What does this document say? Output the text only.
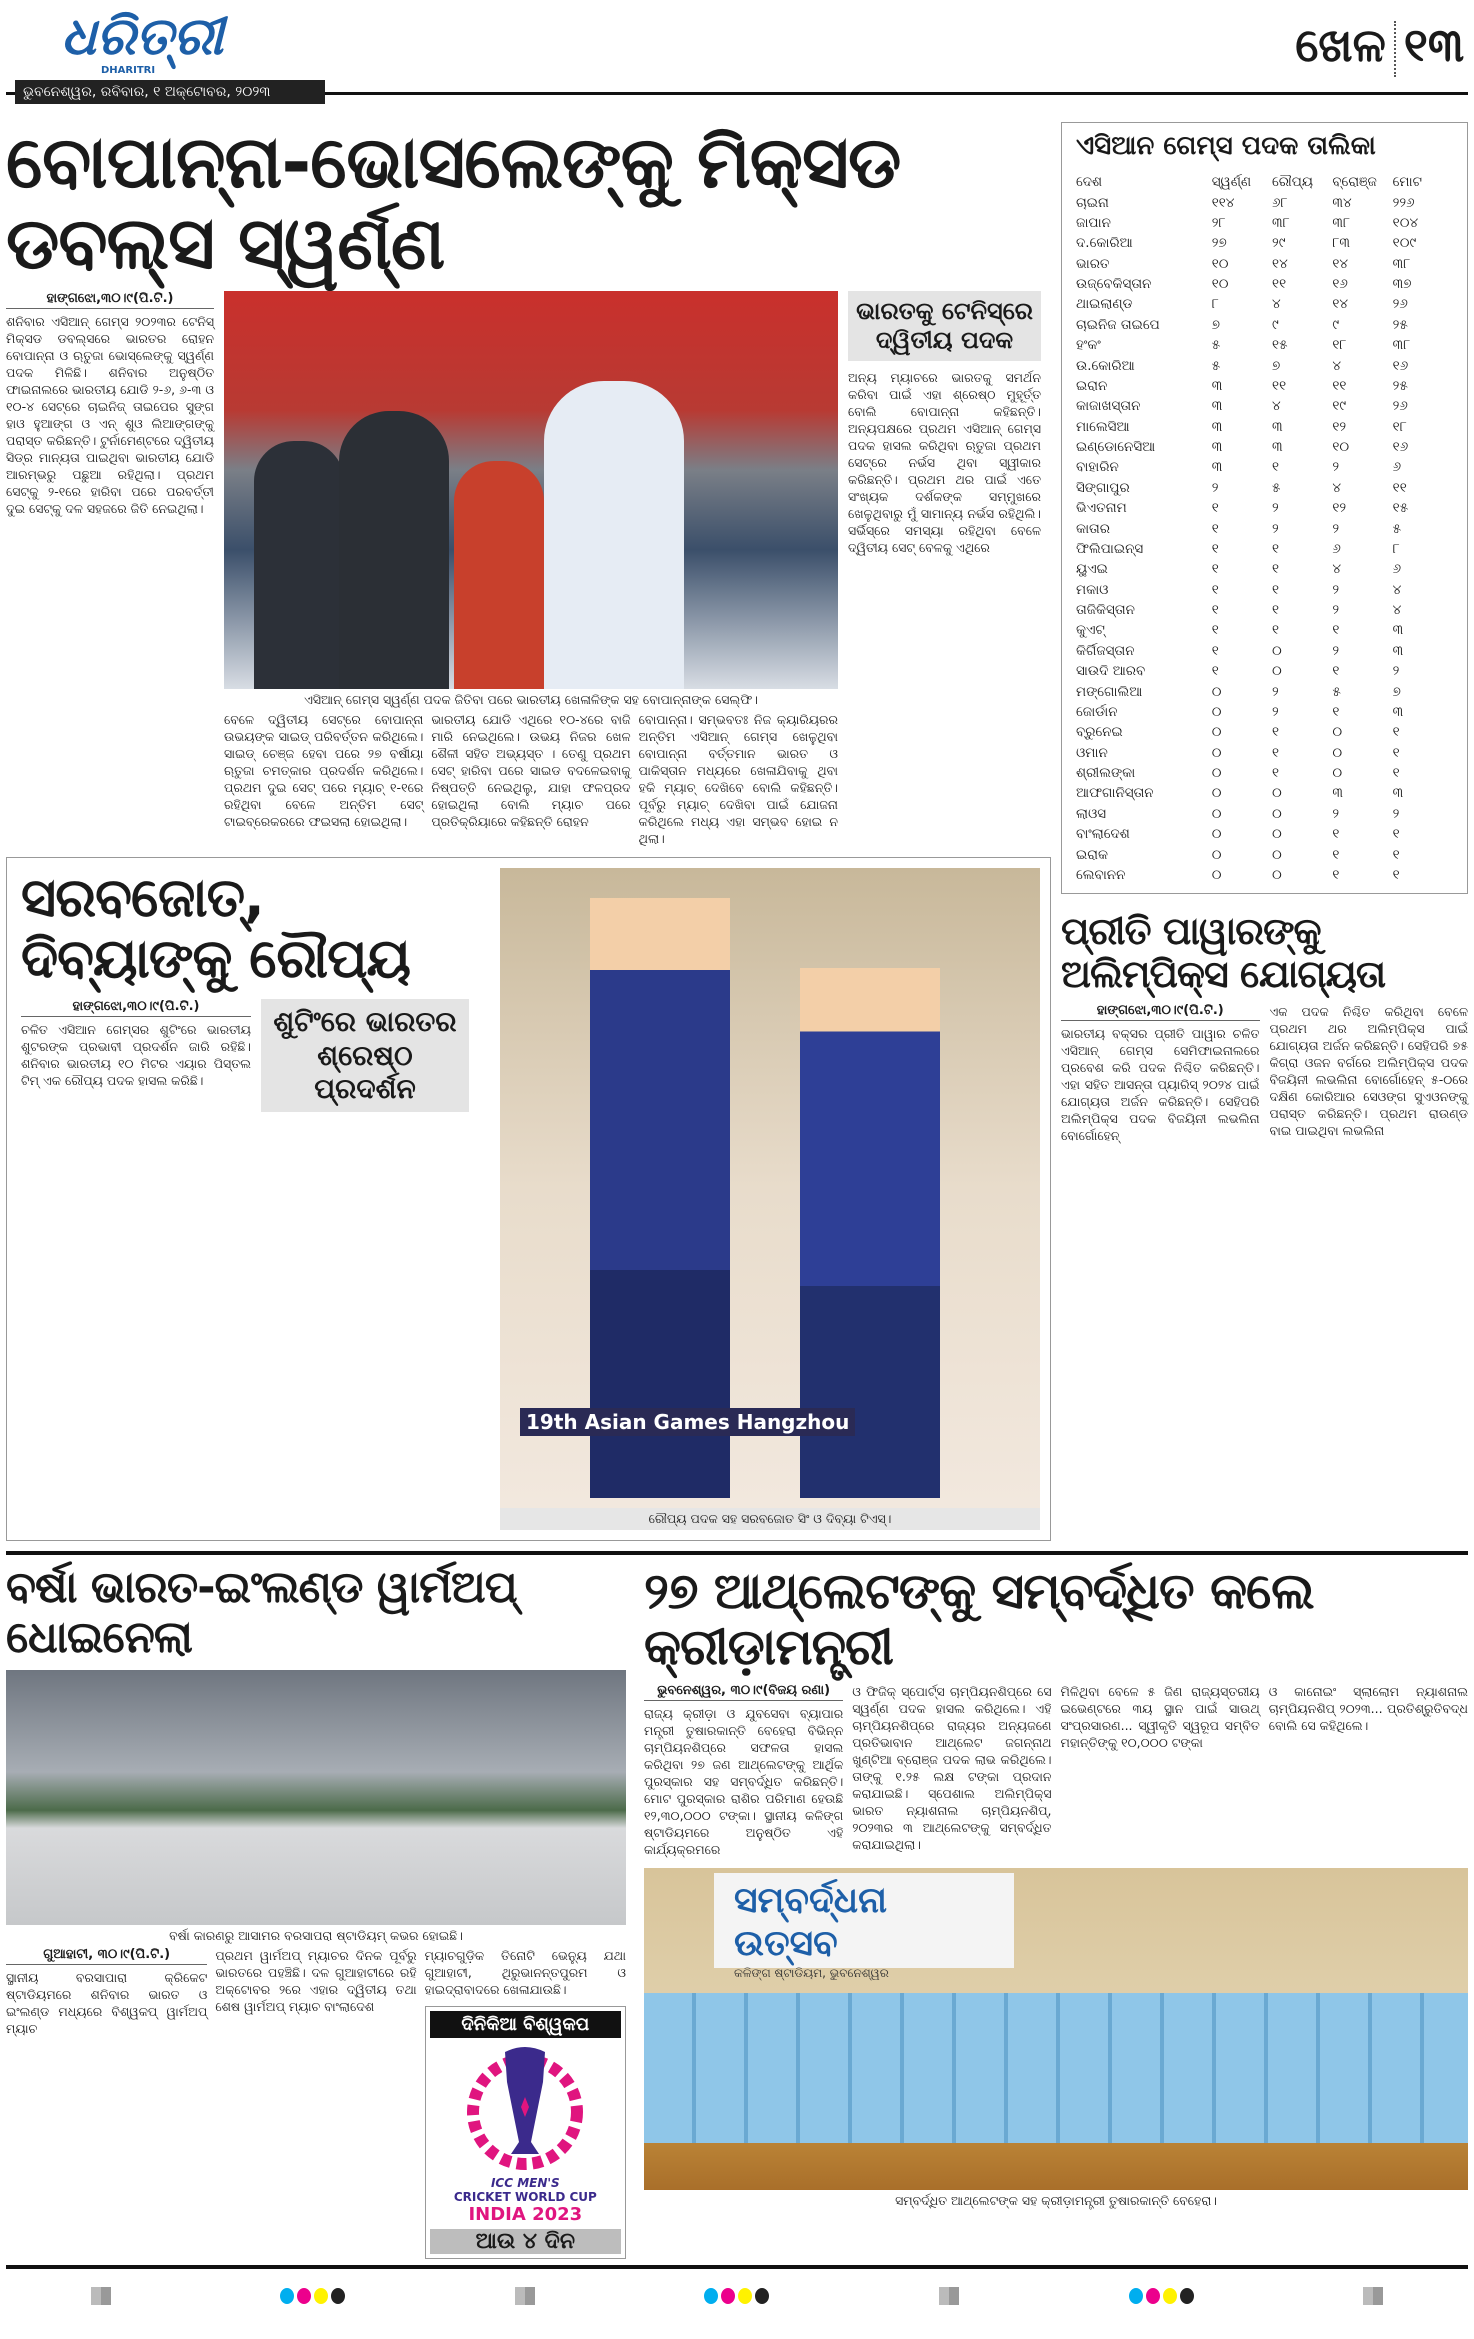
ଧରିତ୍ରୀ
DHARITRI
ଭୁବନେଶ୍ୱର, ରବିବାର, ୧ ଅକ୍ଟୋବର, ୨୦୨୩
ଖେଳ ୧୩
ବୋପାନ୍ନା-ଭୋସଲେଙ୍କୁ ମିକ୍ସଡ ଡବଲ୍ସ ସ୍ୱର୍ଣ୍ଣ
ହାଙ୍ଗଝୋ,୩୦।୯(ପି.ଟି.)
ଶନିବାର ଏସିଆନ୍ ଗେମ୍ସ ୨୦୨୩ର ଟେନିସ୍ ମିକ୍ସଡ ଡବଲ୍ସରେ ଭାରତର ରୋହନ ବୋପାନ୍ନା ଓ ଋତୁଜା ଭୋସ୍‌ଲେଙ୍କୁ ସ୍ୱର୍ଣ୍ଣ ପଦକ ମିଳିଛି। ଶନିବାର ଅନୁଷ୍ଠିତ ଫାଇନାଲରେ ଭାରତୀୟ ଯୋଡି ୨-୬, ୬-୩ ଓ ୧୦-୪ ସେଟ୍‌ରେ ଚାଇନିଜ୍ ତାଇପେର ସୁଙ୍ଗ ହାଓ ହୁଆଙ୍ଗ ଓ ଏନ୍ ଶୁଓ ଲିଆଙ୍ଗଙ୍କୁ ପରାସ୍ତ କରିଛନ୍ତି। ଟୁର୍ନାମେଣ୍ଟରେ ଦ୍ୱିତୀୟ ସିଡ୍ର ମାନ୍ୟତା ପାଇଥିବା ଭାରତୀୟ ଯୋଡି ଆରମ୍ଭରୁ ପଛୁଆ ରହିଥିଲା। ପ୍ରଥମ ସେଟ୍‌କୁ ୨-୧ରେ ହାରିବା ପରେ ପରବର୍ତ୍ତୀ ଦୁଇ ସେଟ୍‌କୁ ଦଳ ସହଜରେ ଜିତି ନେଇଥିଲା।
ଏସିଆନ୍ ଗେମ୍ସ ସ୍ୱର୍ଣ୍ଣ ପଦକ ଜିତିବା ପରେ ଭାରତୀୟ ଖେଳାଳିଙ୍କ ସହ ବୋପାନ୍ନାଙ୍କ ସେଲ୍ଫି।
ବେଳେ ଦ୍ୱିତୀୟ ସେଟ୍‌ରେ ବୋପାନ୍ନା ଉଭୟଙ୍କ ସାଇଡ୍ ପରିବର୍ତ୍ତନ କରିଥିଲେ। ସାଇଡ୍ ଚେଞ୍ଜ ହେବା ପରେ ୨୭ ବର୍ଷୀୟା ଋତୁଜା ଚମତ୍କାର ପ୍ରଦର୍ଶନ କରିଥିଲେ। ପ୍ରଥମ ଦୁଇ ସେଟ୍ ପରେ ମ୍ୟାଚ୍ ୧-୧ରେ ରହିଥିବା ବେଳେ ଅନ୍ତିମ ସେଟ୍ ଟାଇବ୍ରେକରରେ ଫଇସଲା ହୋଇଥିଲା।
ଭାରତୀୟ ଯୋଡି ଏଥିରେ ୧୦-୪ରେ ବାଜି ମାରି ନେଇଥିଲେ। ଉଭୟ ନିଜର ଖେଳ ଶୈଳୀ ସହିତ ଅଭ୍ୟସ୍ତ । ତେଣୁ ପ୍ରଥମ ସେଟ୍ ହାରିବା ପରେ ସାଇଡ ବଦଳେଇବାକୁ ନିଷ୍ପତ୍ତି ନେଇଥିଲୁ, ଯାହା ଫଳପ୍ରଦ ହୋଇଥିଲା ବୋଲି ମ୍ୟାଚ ପରେ ପ୍ରତିକ୍ରିୟାରେ କହିଛନ୍ତି ରୋହନ
ବୋପାନ୍ନା। ସମ୍ଭବତଃ ନିଜ କ୍ୟାରିୟରର ଅନ୍ତିମ ଏସିଆନ୍ ଗେମ୍ସ ଖେଳୁଥିବା ବୋପାନ୍ନା ବର୍ତ୍ତମାନ ଭାରତ ଓ ପାକିସ୍ତାନ ମଧ୍ୟରେ ଖେଳାଯିବାକୁ ଥିବା ହକି ମ୍ୟାଚ୍ ଦେଖିବେ ବୋଲି କହିଛନ୍ତି। ପୂର୍ବରୁ ମ୍ୟାଚ୍ ଦେଖିବା ପାଇଁ ଯୋଜନା କରିଥିଲେ ମଧ୍ୟ ଏହା ସମ୍ଭବ ହୋଇ ନ ଥିଲା।
ଭାରତକୁ ଟେନିସ୍‌ରେ ଦ୍ୱିତୀୟ ପଦକ
ଅନ୍ୟ ମ୍ୟାଚରେ ଭାରତକୁ ସମର୍ଥନ କରିବା ପାଇଁ ଏହା ଶ୍ରେଷ୍ଠ ମୁହୂର୍ତ୍ତ ବୋଲି ବୋପାନ୍ନା କହିଛନ୍ତି। ଅନ୍ୟପକ୍ଷରେ ପ୍ରଥମ ଏସିଆନ୍ ଗେମ୍ସ ପଦକ ହାସଲ କରିଥିବା ଋତୁଜା ପ୍ରଥମ ସେଟ୍‌ରେ ନର୍ଭସ ଥିବା ସ୍ୱୀକାର କରିଛନ୍ତି। ପ୍ରଥମ ଥର ପାଇଁ ଏତେ ସଂଖ୍ୟକ ଦର୍ଶକଙ୍କ ସମ୍ମୁଖରେ ଖେଳୁଥିବାରୁ ମୁଁ ସାମାନ୍ୟ ନର୍ଭସ ରହିଥିଲି। ସର୍ଭିସ୍‌ରେ ସମସ୍ୟା ରହିଥିବା ବେଳେ ଦ୍ୱିତୀୟ ସେଟ୍ ବେଳକୁ ଏଥିରେ
ସରବଜୋତ୍, ଦିବ୍ୟାଙ୍କୁ ରୌପ୍ୟ
ହାଙ୍ଗଝୋ,୩୦।୯(ପି.ଟି.)
ଚଳିତ ଏସିଆନ ଗେମ୍ସର ଶୁଟିଂରେ ଭାରତୀୟ ଶୁଟରଙ୍କ ପ୍ରଭାବୀ ପ୍ରଦର୍ଶନ ଜାରି ରହିଛି। ଶନିବାର ଭାରତୀୟ ୧୦ ମିଟର ଏୟାର ପିସ୍ତଲ ଟିମ୍ ଏକ ରୌପ୍ୟ ପଦକ ହାସଲ କରିଛି।
ଶୁଟିଂରେ ଭାରତର ଶ୍ରେଷ୍ଠ ପ୍ରଦର୍ଶନ
19th Asian Games Hangzhou
ରୌପ୍ୟ ପଦକ ସହ ସରବଜୋତ ସିଂ ଓ ଦିବ୍ୟା ଟିଏସ୍।
ଏସିଆନ ଗେମ୍ସ ପଦକ ତାଲିକା
ଦେଶ	ସ୍ୱର୍ଣ୍ଣ	ରୌପ୍ୟ	ବ୍ରୋଞ୍ଜ	ମୋଟ
ଚାଇନା	୧୧୪	୬୮	୩୪	୨୨୬
ଜାପାନ	୨୮	୩୮	୩୮	୧୦୪
ଦ.କୋରିଆ	୨୭	୨୯	୮୩	୧୦୯
ଭାରତ	୧୦	୧୪	୧୪	୩୮
ଉଜ୍‌ବେକିସ୍ତାନ	୧୦	୧୧	୧୬	୩୭
ଥାଇଲାଣ୍ଡ	୮	୪	୧୪	୨୬
ଚାଇନିଜ ତାଇପେ	୭	୯	୯	୨୫
ହଂକଂ	୫	୧୫	୧୮	୩୮
ଉ.କୋରିଆ	୫	୭	୪	୧୬
ଇରାନ	୩	୧୧	୧୧	୨୫
କାଜାଖସ୍ତାନ	୩	୪	୧୯	୨୬
ମାଲେସିଆ	୩	୩	୧୨	୧୮
ଇଣ୍ଡୋନେସିଆ	୩	୩	୧୦	୧୬
ବାହାରିନ	୩	୧	୨	୬
ସିଙ୍ଗାପୁର	୨	୫	୪	୧୧
ଭିଏତନାମ	୧	୨	୧୨	୧୫
କାତାର	୧	୨	୨	୫
ଫିଲିପାଇନ୍ସ	୧	୧	୬	୮
ୟୁଏଇ	୧	୧	୪	୬
ମକାଓ	୧	୧	୨	୪
ତାଜିକିସ୍ତାନ	୧	୧	୨	୪
କୁଏଟ୍	୧	୧	୧	୩
କିର୍ଗିଜସ୍ତାନ	୧	୦	୨	୩
ସାଉଦି ଆରବ	୧	୦	୧	୨
ମଙ୍ଗୋଲିଆ	୦	୨	୫	୭
ଜୋର୍ଡାନ	୦	୨	୧	୩
ବ୍ରୁନେଇ	୦	୧	୦	୧
ଓମାନ	୦	୧	୦	୧
ଶ୍ରୀଲଙ୍କା	୦	୧	୦	୧
ଆଫଗାନିସ୍ତାନ	୦	୦	୩	୩
ଲାଓସ	୦	୦	୨	୨
ବାଂଲାଦେଶ	୦	୦	୧	୧
ଇରାକ	୦	୦	୧	୧
ଲେବାନନ	୦	୦	୧	୧
ପ୍ରୀତି ପାୱାରଙ୍କୁ ଅଲିମ୍ପିକ୍ସ ଯୋଗ୍ୟତା
ହାଙ୍ଗଝୋ,୩୦।୯(ପି.ଟି.)
ଭାରତୀୟ ବକ୍ସର ପ୍ରୀତି ପାୱାର ଚଳିତ ଏସିଆନ୍ ଗେମ୍ସ ସେମିଫାଇନାଲରେ ପ୍ରବେଶ କରି ପଦକ ନିଶ୍ଚିତ କରିଛନ୍ତି। ଏହା ସହିତ ଆସନ୍ତା ପ୍ୟାରିସ୍ ୨୦୨୪ ପାଇଁ ଯୋଗ୍ୟତା ଅର୍ଜନ କରିଛନ୍ତି। ସେହିପରି ଅଲିମ୍ପିକ୍ସ ପଦକ ବିଜୟିନୀ ଲଭଲିନା ବୋର୍ଗୋହେନ୍
ଏକ ପଦକ ନିଶ୍ଚିତ କରିଥିବା ବେଳେ ପ୍ରଥମ ଥର ଅଲିମ୍ପିକ୍ସ ପାଇଁ ଯୋଗ୍ୟତା ଅର୍ଜନ କରିଛନ୍ତି। ସେହିପରି ୭୫ କିଗ୍ରା ଓଜନ ବର୍ଗରେ ଅଲିମ୍ପିକ୍ସ ପଦକ ବିଜୟିନୀ ଲଭଲିନା ବୋର୍ଗୋହେନ୍ ୫-୦ରେ ଦକ୍ଷିଣ କୋରିଆର ସେଓଙ୍ଗ ସୁଏଓନଙ୍କୁ ପରାସ୍ତ କରିଛନ୍ତି। ପ୍ରଥମ ରାଉଣ୍ଡ ବାଇ ପାଇଥିବା ଲଭଲିନା
ବର୍ଷା ଭାରତ-ଇଂଲଣ୍ଡ ୱାର୍ମଅପ୍ ଧୋଇନେଲା
ବର୍ଷା କାରଣରୁ ଆସାମର ବରସାପରା ଷ୍ଟାଡିୟମ୍ କଭର ହୋଇଛି।
ଗୁଆହାଟୀ, ୩୦।୯(ପି.ଟି.)
ସ୍ଥାନୀୟ ବରସାପାରା କ୍ରିକେଟ ଷ୍ଟାଡିୟମରେ ଶନିବାର ଭାରତ ଓ ଇଂଲଣ୍ଡ ମଧ୍ୟରେ ବିଶ୍ୱକପ୍ ୱାର୍ମଅପ୍ ମ୍ୟାଚ
ପ୍ରଥମ ୱାର୍ମଅପ୍ ମ୍ୟାଚର ଦିନକ ପୂର୍ବରୁ ଭାରତରେ ପହଞ୍ଚିଛି। ଦଳ ଗୁଆହାଟୀରେ ରହି ଅକ୍ଟୋବର ୨ରେ ଏହାର ଦ୍ୱିତୀୟ ତଥା ଶେଷ ୱାର୍ମଅପ୍ ମ୍ୟାଚ ବାଂଲାଦେଶ
ମ୍ୟାଚଗୁଡ଼ିକ ତିନୋଟି ଭେନ୍ୟୁ ଯଥା ଗୁଆହାଟୀ, ଥିରୁଭାନନ୍ତପୁରମ ଓ ହାଇଦ୍ରାବାଦରେ ଖେଳାଯାଉଛି।
ଦିନିକିଆ ବିଶ୍ୱକପ
ICC MEN'S
CRICKET WORLD CUP
INDIA 2023
ଆଉ ୪ ଦିନ
୨୭ ଆଥ୍‌ଲେଟଙ୍କୁ ସମ୍ବର୍ଦ୍ଧିତ କଲେ କ୍ରୀଡ଼ାମନ୍ତ୍ରୀ
ଭୁବନେଶ୍ୱର, ୩୦।୯(ବିଜୟ ରଣା)
ରାଜ୍ୟ କ୍ରୀଡ଼ା ଓ ଯୁବସେବା ବ୍ୟାପାର ମନ୍ତ୍ରୀ ତୁଷାରକାନ୍ତି ବେହେରା ବିଭିନ୍ନ ଚାମ୍ପିୟନଶିପ୍‌ରେ ସଫଳତା ହାସଲ କରିଥିବା ୨୭ ଜଣ ଆଥ୍‌ଲେଟଙ୍କୁ ଆର୍ଥିକ ପୁରସ୍କାର ସହ ସମ୍ବର୍ଦ୍ଧିତ କରିଛନ୍ତି। ମୋଟ ପୁରସ୍କାର ରାଶିର ପରିମାଣ ହେଉଛି ୧୨,୩୦,୦୦୦ ଟଙ୍କା। ସ୍ଥାନୀୟ କଳିଙ୍ଗ ଷ୍ଟାଡିୟମରେ ଅନୁଷ୍ଠିତ ଏହି କାର୍ଯ୍ୟକ୍ରମରେ
ଓ ଫିଜିକ୍ ସ୍ପୋର୍ଟ୍ସ ଚାମ୍ପିୟନଶିପ୍‌ରେ ସେ ସ୍ୱର୍ଣ୍ଣ ପଦକ ହାସଲ କରିଥିଲେ। ଏହି ଚାମ୍ପିୟନଶିପ୍‌ରେ ରାଜ୍ୟର ଅନ୍ୟଜଣେ ପ୍ରତିଭାବାନ ଆଥ୍‌ଲେଟ ଜଗନ୍ନାଥ ଖୁଣ୍ଟିଆ ବ୍ରୋଞ୍ଜ ପଦକ ଲାଭ କରିଥିଲେ। ତାଙ୍କୁ ୧.୨୫ ଲକ୍ଷ ଟଙ୍କା ପ୍ରଦାନ କରାଯାଇଛି। ସ୍ପେଶାଲ ଅଲିମ୍ପିକ୍ସ ଭାରତ ନ୍ୟାଶନାଲ ଚାମ୍ପିୟନଶିପ୍, ୨୦୨୩ର ୩ ଆଥ୍‌ଲେଟଙ୍କୁ ସମ୍ବର୍ଦ୍ଧିତ କରାଯାଇଥିଲା।
ମିଳିଥିବା ବେଳେ ୫ ଜିଣ ରାଜ୍ୟସ୍ତରୀୟ ଇଭେଣ୍ଟରେ ୩ୟ ସ୍ଥାନ ପାଇଁ ସାଉଥ୍ ସଂପ୍ରସାରଣ... ସ୍ୱୀକୃତି ସ୍ୱରୂପ ସମ୍ବିତ ମହାନ୍ତିଙ୍କୁ ୧୦,୦୦୦ ଟଙ୍କା
ଓ କାନୋଇଂ ସ୍ଲାଲୋମ ନ୍ୟାଶନାଲ ଚାମ୍ପିୟନଶିପ୍ ୨୦୨୩... ପ୍ରତିଶ୍ରୁତିବଦ୍ଧ ବୋଲି ସେ କହିଥିଲେ।
ସମ୍ବର୍ଦ୍ଧନା ଉତ୍ସବ
କଳିଙ୍ଗ ଷ୍ଟାଡିୟମ, ଭୁବନେଶ୍ୱର
ସମ୍ବର୍ଦ୍ଧିତ ଆଥ୍‌ଲେଟଙ୍କ ସହ କ୍ରୀଡ଼ାମନ୍ତ୍ରୀ ତୁଷାରକାନ୍ତି ବେହେରା।
